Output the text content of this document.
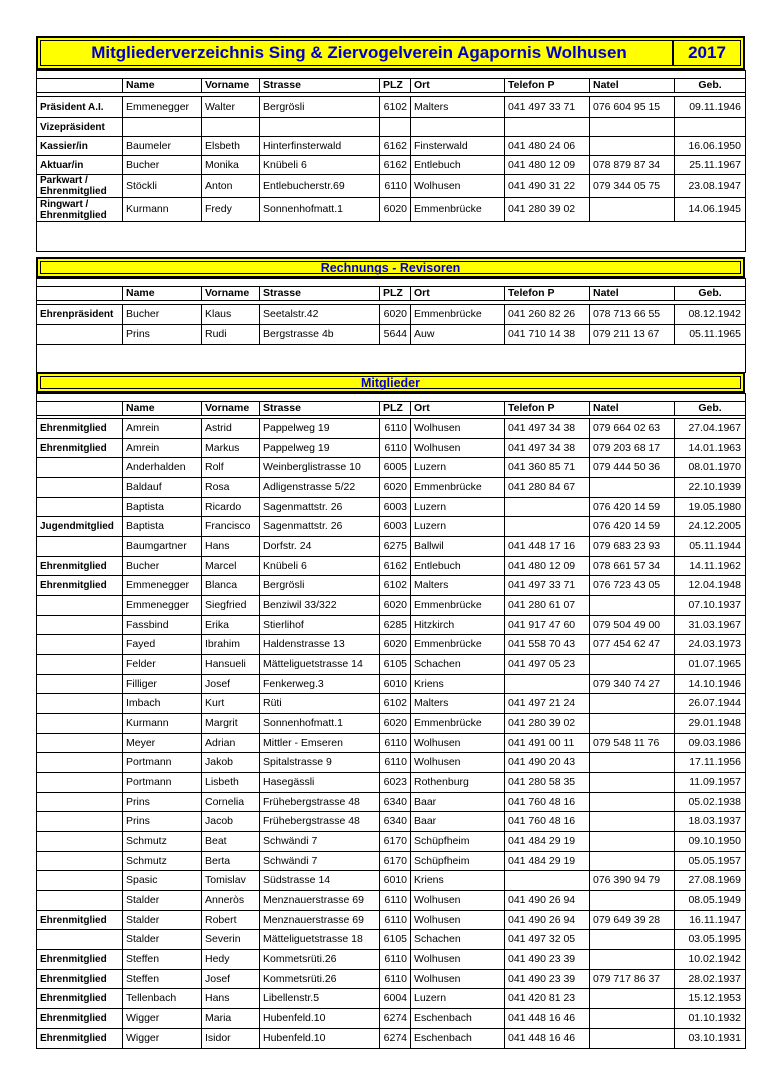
Mitgliederverzeichnis Sing & Ziervogelverein Agapornis Wolhusen	2017

	Name	Vorname	Strasse	PLZ	Ort	Telefon P	Natel	Geb.

Präsident A.I.	Emmenegger	Walter	Bergrösli	6102	Malters	041 497 33 71	076 604 95 15	09.11.1946
Vizepräsident								
Kassier/in	Baumeler	Elsbeth	Hinterfinsterwald	6162	Finsterwald	041 480 24 06		16.06.1950
Aktuar/in	Bucher	Monika	Knübeli 6	6162	Entlebuch	041 480 12 09	078 879 87 34	25.11.1967
Parkwart / Ehrenmitglied	Stöckli	Anton	Entlebucherstr.69	6110	Wolhusen	041 490 31 22	079 344 05 75	23.08.1947
Ringwart / Ehrenmitglied	Kurmann	Fredy	Sonnenhofmatt.1	6020	Emmenbrücke	041 280 39 02		14.06.1945

Rechnungs - Revisoren

	Name	Vorname	Strasse	PLZ	Ort	Telefon P	Natel	Geb.

Ehrenpräsident	Bucher	Klaus	Seetalstr.42	6020	Emmenbrücke	041 260 82 26	078 713 66 55	08.12.1942
	Prins	Rudi	Bergstrasse 4b	5644	Auw	041 710 14 38	079 211 13 67	05.11.1965

Mitglieder

	Name	Vorname	Strasse	PLZ	Ort	Telefon P	Natel	Geb.

Ehrenmitglied	Amrein	Astrid	Pappelweg 19	6110	Wolhusen	041 497 34 38	079 664 02 63	27.04.1967
Ehrenmitglied	Amrein	Markus	Pappelweg 19	6110	Wolhusen	041 497 34 38	079 203 68 17	14.01.1963
	Anderhalden	Rolf	Weinberglistrasse 10	6005	Luzern	041 360 85 71	079 444 50 36	08.01.1970
	Baldauf	Rosa	Adligenstrasse 5/22	6020	Emmenbrücke	041 280 84 67		22.10.1939
	Baptista	Ricardo	Sagenmattstr. 26	6003	Luzern		076 420 14 59	19.05.1980
Jugendmitglied	Baptista	Francisco	Sagenmattstr. 26	6003	Luzern		076 420 14 59	24.12.2005
	Baumgartner	Hans	Dorfstr. 24	6275	Ballwil	041 448 17 16	079 683 23 93	05.11.1944
Ehrenmitglied	Bucher	Marcel	Knübeli 6	6162	Entlebuch	041 480 12 09	078 661 57 34	14.11.1962
Ehrenmitglied	Emmenegger	Blanca	Bergrösli	6102	Malters	041 497 33 71	076 723 43 05	12.04.1948
	Emmenegger	Siegfried	Benziwil 33/322	6020	Emmenbrücke	041 280 61 07		07.10.1937
	Fassbind	Erika	Stierlihof	6285	Hitzkirch	041 917 47 60	079 504 49 00	31.03.1967
	Fayed	Ibrahim	Haldenstrasse 13	6020	Emmenbrücke	041 558 70 43	077 454 62 47	24.03.1973
	Felder	Hansueli	Mätteliguetstrasse 14	6105	Schachen	041 497 05 23		01.07.1965
	Filliger	Josef	Fenkerweg.3	6010	Kriens		079 340 74 27	14.10.1946
	Imbach	Kurt	Rüti	6102	Malters	041 497 21 24		26.07.1944
	Kurmann	Margrit	Sonnenhofmatt.1	6020	Emmenbrücke	041 280 39 02		29.01.1948
	Meyer	Adrian	Mittler - Emseren	6110	Wolhusen	041 491 00 11	079 548 11 76	09.03.1986
	Portmann	Jakob	Spitalstrasse 9	6110	Wolhusen	041 490 20 43		17.11.1956
	Portmann	Lisbeth	Hasegässli	6023	Rothenburg	041 280 58 35		11.09.1957
	Prins	Cornelia	Frühebergstrasse 48	6340	Baar	041 760 48 16		05.02.1938
	Prins	Jacob	Frühebergstrasse 48	6340	Baar	041 760 48 16		18.03.1937
	Schmutz	Beat	Schwändi 7	6170	Schüpfheim	041 484 29 19		09.10.1950
	Schmutz	Berta	Schwändi 7	6170	Schüpfheim	041 484 29 19		05.05.1957
	Spasic	Tomislav	Südstrasse 14	6010	Kriens		076 390 94 79	27.08.1969
	Stalder	Anneròs	Menznauerstrasse 69	6110	Wolhusen	041 490 26 94		08.05.1949
Ehrenmitglied	Stalder	Robert	Menznauerstrasse 69	6110	Wolhusen	041 490 26 94	079 649 39 28	16.11.1947
	Stalder	Severin	Mätteliguetstrasse 18	6105	Schachen	041 497 32 05		03.05.1995
Ehrenmitglied	Steffen	Hedy	Kommetsrüti.26	6110	Wolhusen	041 490 23 39		10.02.1942
Ehrenmitglied	Steffen	Josef	Kommetsrüti.26	6110	Wolhusen	041 490 23 39	079 717 86 37	28.02.1937
Ehrenmitglied	Tellenbach	Hans	Libellenstr.5	6004	Luzern	041 420 81 23		15.12.1953
Ehrenmitglied	Wigger	Maria	Hubenfeld.10	6274	Eschenbach	041 448 16 46		01.10.1932
Ehrenmitglied	Wigger	Isidor	Hubenfeld.10	6274	Eschenbach	041 448 16 46		03.10.1931
